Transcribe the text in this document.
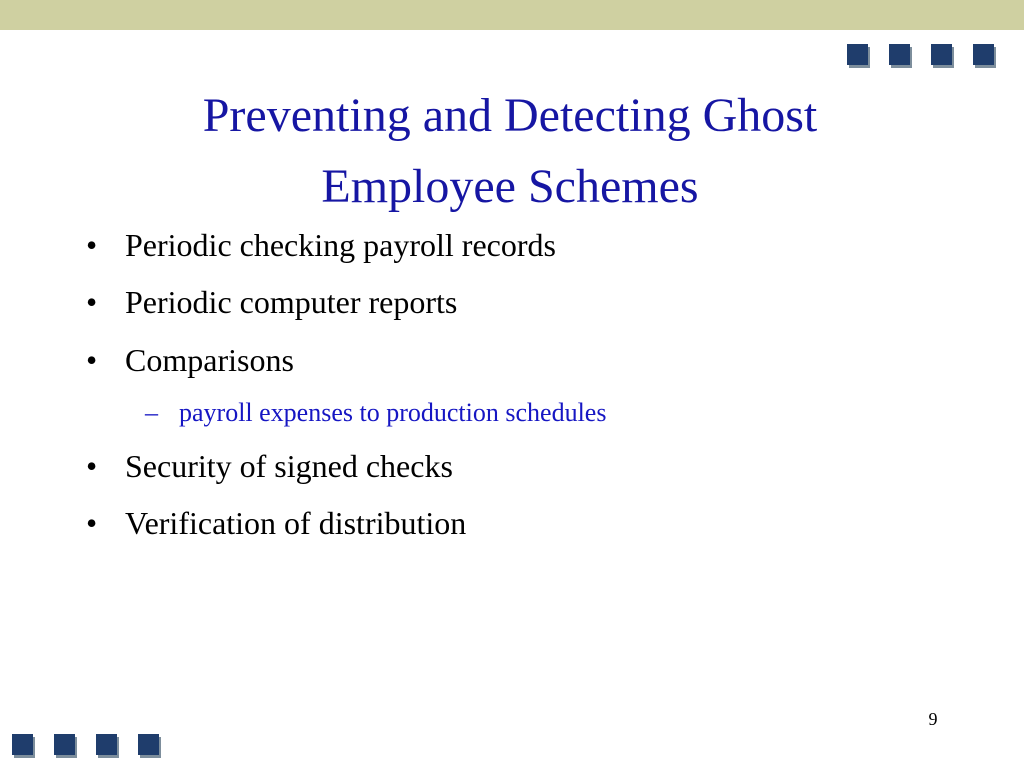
Preventing and Detecting Ghost
Employee Schemes
• Periodic checking payroll records
• Periodic computer reports
• Comparisons
– payroll expenses to production schedules
• Security of signed checks
• Verification of distribution
9
